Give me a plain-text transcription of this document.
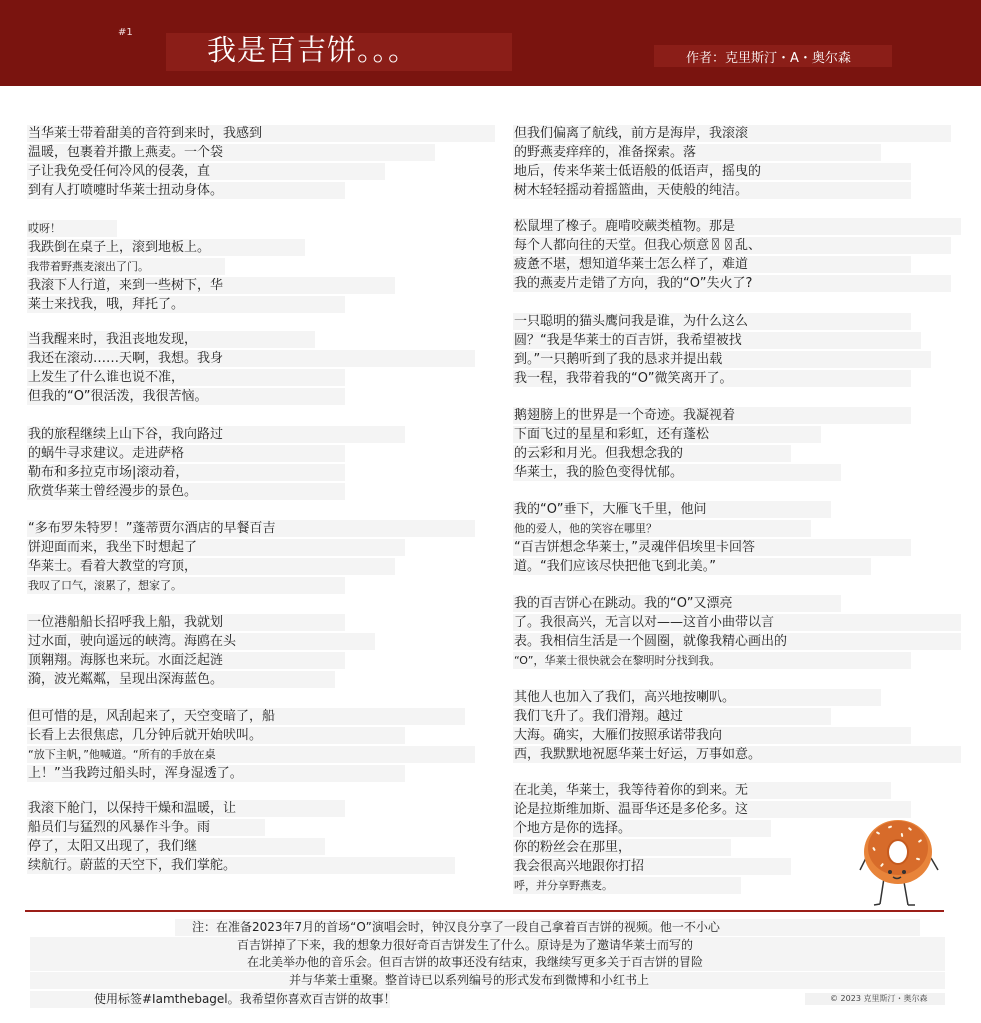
#1
我是百吉饼。。。	作者：克里斯汀・A・奥尔森
当华莱士带着甜美的音符到来时，我感到
温暖，包裹着并撒上燕麦。一个袋
子让我免受任何冷风的侵袭，直
到有人打喷嚏时华莱士扭动身体。
哎呀！
我跌倒在桌子上，滚到地板上。
我带着野燕麦滚出了门。
我滚下人行道，来到一些树下，华
莱士来找我，哦，拜托了。
当我醒来时，我沮丧地发现，
我还在滚动……天啊，我想。我身
上发生了什么谁也说不准，
但我的“O”很活泼，我很苦恼。
我的旅程继续上山下谷，我向路过
的蜗牛寻求建议。走进萨格
勒布和多拉克市场|滚动着，
欣赏华莱士曾经漫步的景色。
“多布罗朱特罗！”蓬蒂贾尔酒店的早餐百吉
饼迎面而来，我坐下时想起了
华莱士。看着大教堂的穹顶，
我叹了口气，滚累了，想家了。
一位港船船长招呼我上船，我就划
过水面，驶向遥远的峡湾。海鸥在头
顶翱翔。海豚也来玩。水面泛起涟
漪，波光粼粼，呈现出深海蓝色。
但可惜的是，风刮起来了，天空变暗了，船
长看上去很焦虑，几分钟后就开始吠叫。
“放下主帆，”他喊道。“所有的手放在桌
上！”当我跨过船头时，浑身湿透了。
我滚下舱门，以保持干燥和温暖，让
船员们与猛烈的风暴作斗争。雨
停了，太阳又出现了，我们继
续航行。蔚蓝的天空下，我们掌舵。
但我们偏离了航线，前方是海岸，我滚滚
的野燕麦痒痒的，准备探索。落
地后，传来华莱士低语般的低语声，摇曳的
树木轻轻摇动着摇篮曲，天使般的纯洁。
松鼠埋了橡子。鹿啃咬蕨类植物。那是
每个人都向往的天堂。但我心烦意〿〿乱、
疲惫不堪，想知道华莱士怎么样了，难道
我的燕麦片走错了方向，我的“O”失火了?
一只聪明的猫头鹰问我是谁，为什么这么
圆？“我是华莱士的百吉饼，我希望被找
到。”一只鹅听到了我的恳求并提出载
我一程，我带着我的“O”微笑离开了。
鹅翅膀上的世界是一个奇迹。我凝视着
下面飞过的星星和彩虹，还有蓬松
的云彩和月光。但我想念我的
华莱士，我的脸色变得忧郁。
我的“O”垂下，大雁飞千里，他问
他的爱人，他的笑容在哪里？
“百吉饼想念华莱士，”灵魂伴侣埃里卡回答
道。“我们应该尽快把他飞到北美。”
我的百吉饼心在跳动。我的“O”又漂亮
了。我很高兴，无言以对——这首小曲带以言
表。我相信生活是一个圆圈，就像我精心画出的
“O”，华莱士很快就会在黎明时分找到我。
其他人也加入了我们，高兴地按喇叭。
我们飞升了。我们滑翔。越过
大海。确实，大雁们按照承诺带我向
西，我默默地祝愿华莱士好运，万事如意。
在北美，华莱士，我等待着你的到来。无
论是拉斯维加斯、温哥华还是多伦多。这
个地方是你的选择。
你的粉丝会在那里，
我会很高兴地跟你打招
呼，并分享野燕麦。
注：在准备2023年7月的首场“O”演唱会时，钟汉良分享了一段自己拿着百吉饼的视频。他一不小心
百吉饼掉了下来，我的想象力很好奇百吉饼发生了什么。原诗是为了邀请华莱士而写的
在北美举办他的音乐会。但百吉饼的故事还没有结束，我继续写更多关于百吉饼的冒险
并与华莱士重聚。整首诗已以系列编号的形式发布到微博和小红书上
使用标签#Iamthebagel。我希望你喜欢百吉饼的故事！	© 2023 克里斯汀・奥尔森
